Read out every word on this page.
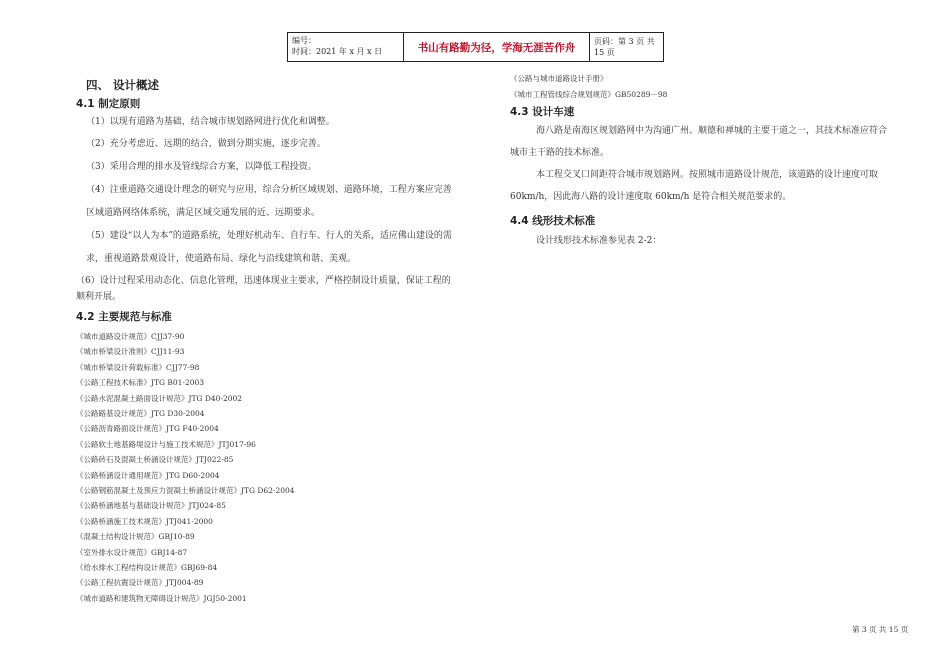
编号：
时间：2021 年 x 月 x 日	书山有路勤为径，学海无涯苦作舟	页码：第 3 页 共 15 页
四、 设计概述
4.1 制定原则
（1）以现有道路为基础，结合城市规划路网进行优化和调整。
（2）充分考虑近、远期的结合，做到分期实施，逐步完善。
（3）采用合理的排水及管线综合方案，以降低工程投资。
（4）注重道路交通设计理念的研究与应用，综合分析区域规划、道路环境，工程方案应完善
区域道路网络体系统，满足区域交通发展的近、远期要求。
（5）建设“以人为本”的道路系统，处理好机动车、自行车、行人的关系，适应佛山建设的需
求，重视道路景观设计，使道路布局、绿化与沿线建筑和谐、美观。
（6）设计过程采用动态化、信息化管理，迅速体现业主要求，严格控制设计质量，保证工程的
顺利开展。
4.2 主要规范与标准
《城市道路设计规范》CJJ37-90
《城市桥梁设计准则》CJJ11-93
《城市桥梁设计荷载标准》CJJ77-98
《公路工程技术标准》JTG B01-2003
《公路水泥混凝土路面设计规范》JTG D40-2002
《公路路基设计规范》JTG D30-2004
《公路沥青路面设计规范》JTG F40-2004
《公路软土地基路堤设计与施工技术规范》JTJ017-96
《公路砖石及混凝土桥涵设计规范》JTJ022-85
《公路桥涵设计通用规范》JTG D60-2004
《公路钢筋混凝土及预应力混凝土桥涵设计规范》JTG D62-2004
《公路桥涵地基与基础设计规范》JTJ024-85
《公路桥涵施工技术规范》JTJ041-2000
《混凝土结构设计规范》GBJ10-89
《室外排水设计规范》GBJ14-87
《给水排水工程结构设计规范》GBJ69-84
《公路工程抗震设计规范》JTJ004-89
《城市道路和建筑物无障碍设计规范》JGJ50-2001
《公路与城市道路设计手册》
《城市工程管线综合规划规范》GB50289－98
4.3 设计车速
海八路是南海区规划路网中为沟通广州、顺德和禅城的主要干道之一，其技术标准应符合
城市主干路的技术标准。
本工程交叉口间距符合城市规划路网。按照城市道路设计规范，该道路的设计速度可取
60km/h，因此海八路的设计速度取 60km/h 是符合相关规范要求的。
4.4 线形技术标准
设计线形技术标准参见表 2-2：
第 3 页 共 15 页
